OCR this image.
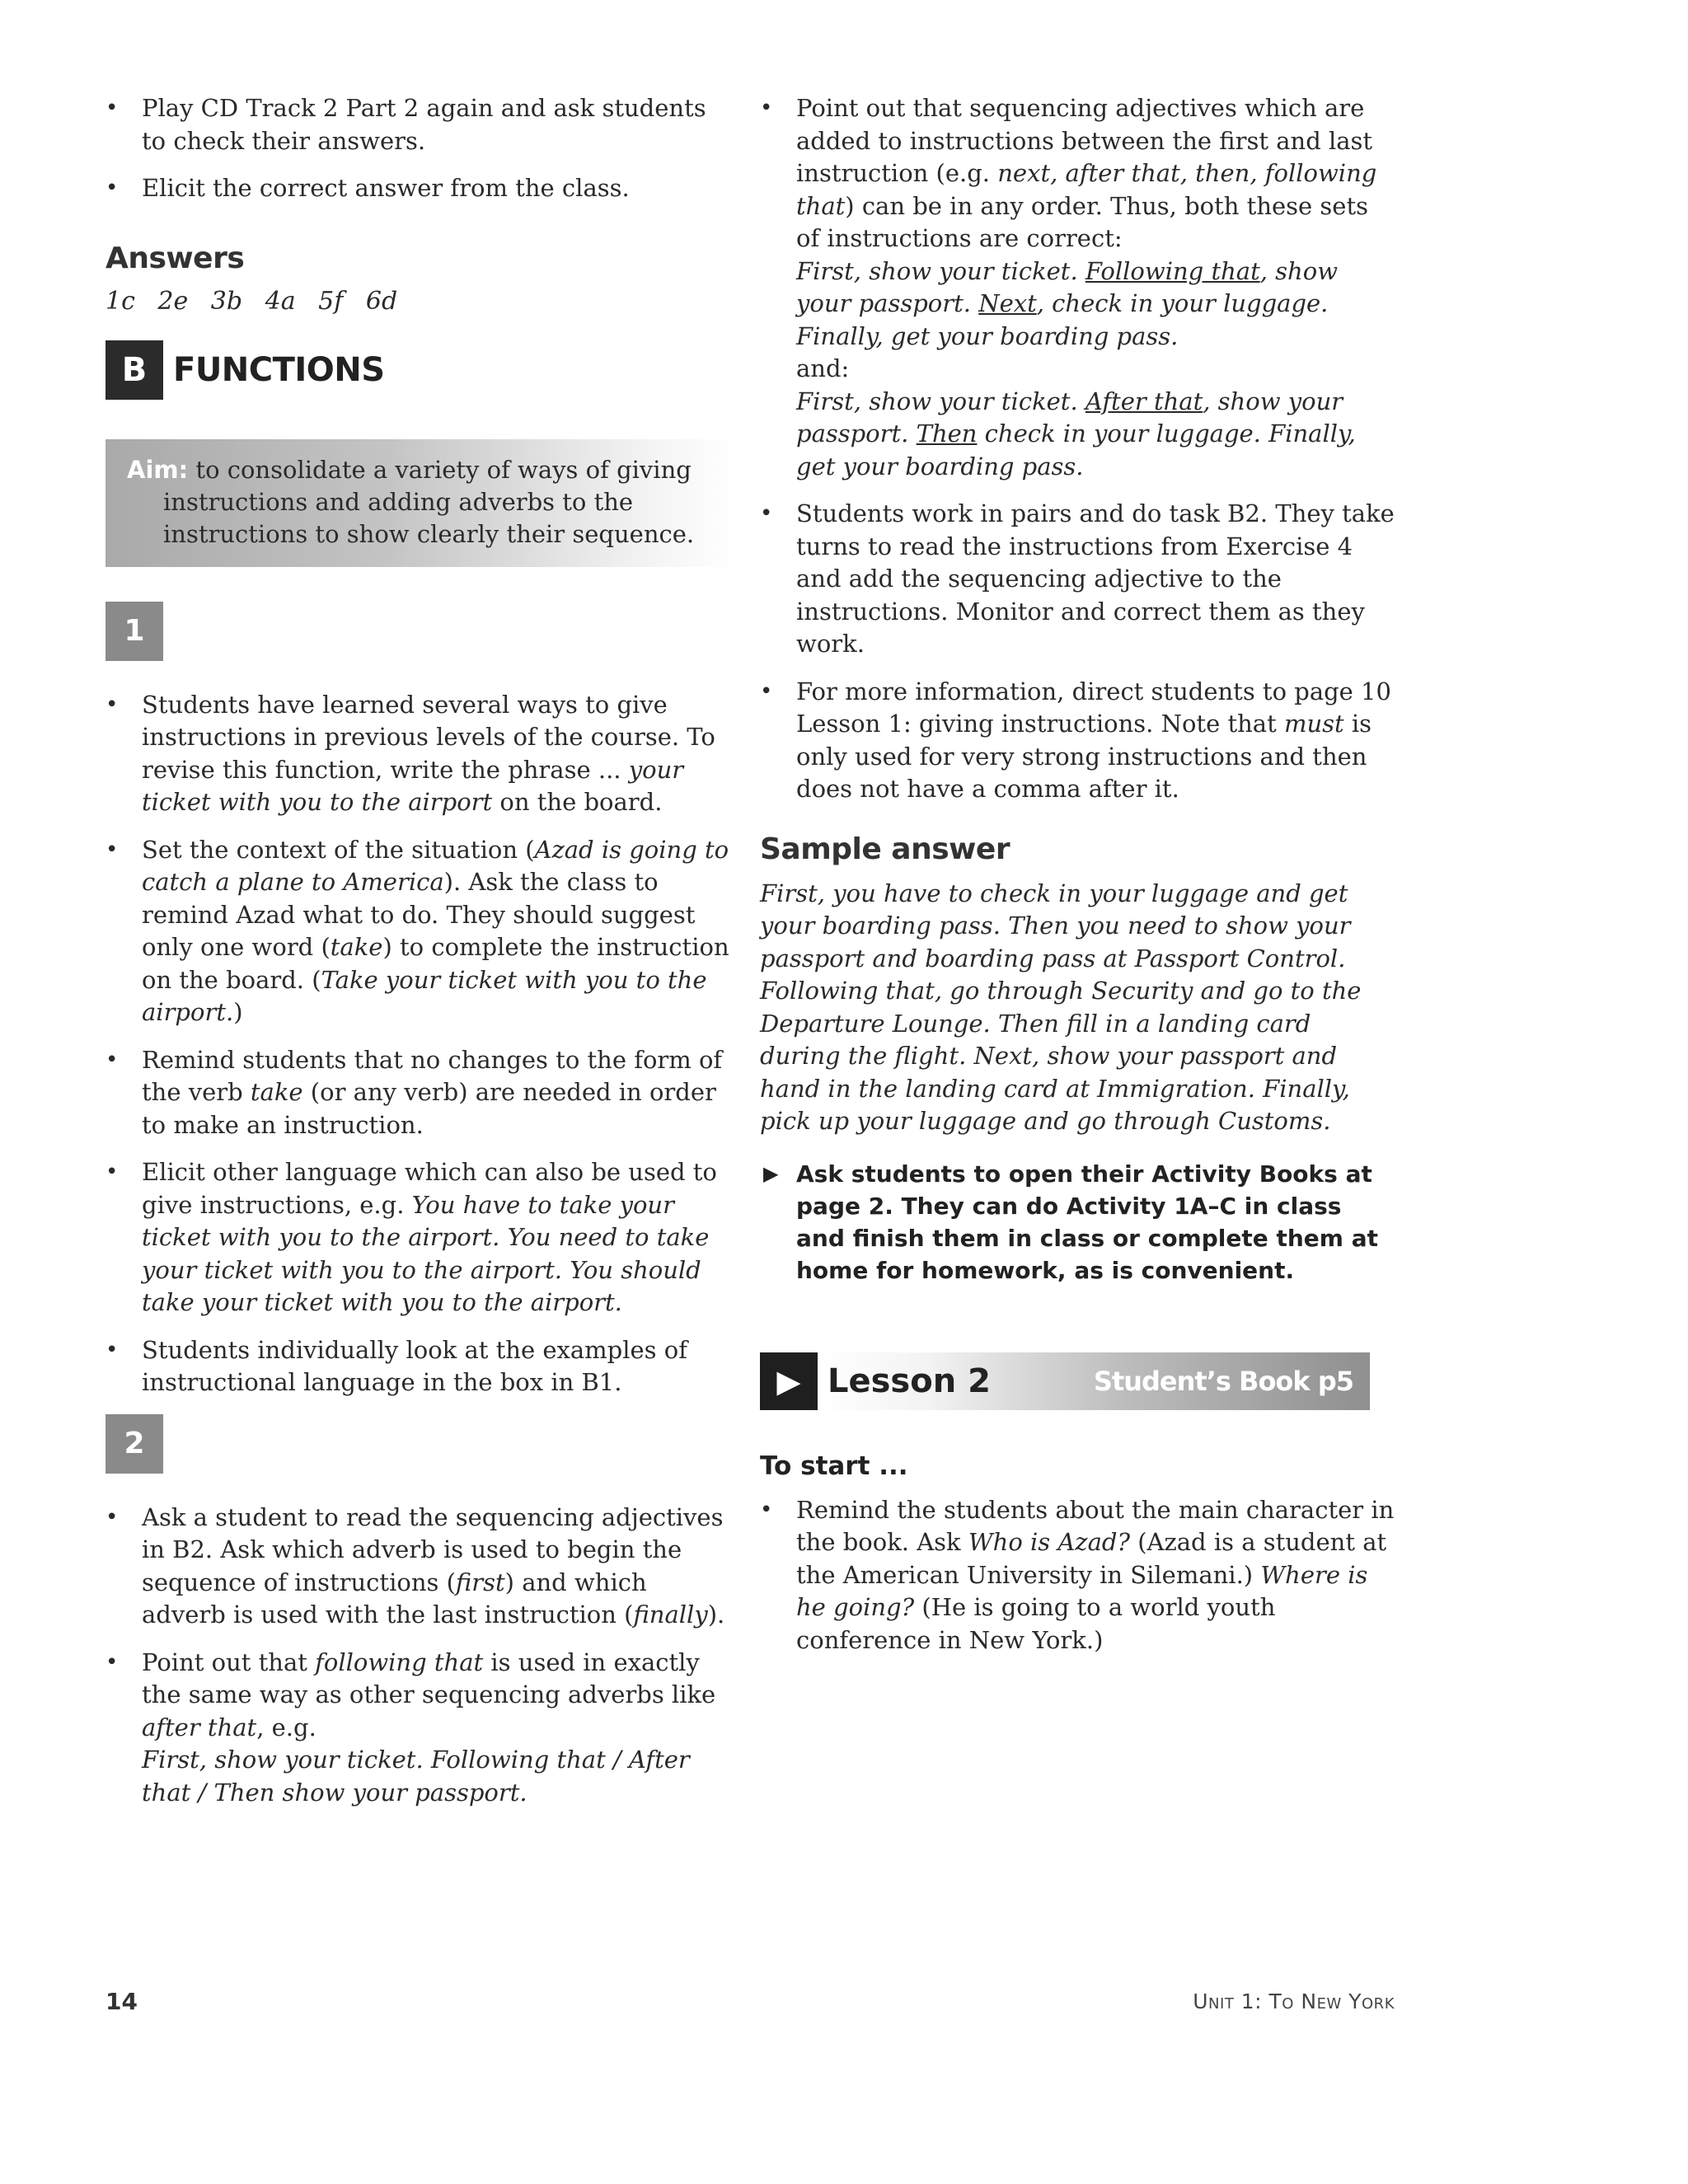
• Play CD Track 2 Part 2 again and ask students to check their answers.
• Elicit the correct answer from the class.
Answers
1c 2e 3b 4a 5f 6d
B FUNCTIONS
Aim: to consolidate a variety of ways of giving
instructions and adding adverbs to the instructions to show clearly their sequence.
1
• Students have learned several ways to give instructions in previous levels of the course. To revise this function, write the phrase ... your ticket with you to the airport on the board.
• Set the context of the situation (Azad is going to catch a plane to America). Ask the class to remind Azad what to do. They should suggest only one word (take) to complete the instruction on the board. (Take your ticket with you to the airport.)
• Remind students that no changes to the form of the verb take (or any verb) are needed in order to make an instruction.
• Elicit other language which can also be used to give instructions, e.g. You have to take your ticket with you to the airport. You need to take your ticket with you to the airport. You should take your ticket with you to the airport.
• Students individually look at the examples of instructional language in the box in B1.
2
• Ask a student to read the sequencing adjectives in B2. Ask which adverb is used to begin the sequence of instructions (first) and which adverb is used with the last instruction (finally).
• Point out that following that is used in exactly the same way as other sequencing adverbs like after that, e.g.
First, show your ticket. Following that / After that / Then show your passport.
• Point out that sequencing adjectives which are added to instructions between the first and last instruction (e.g. next, after that, then, following that) can be in any order. Thus, both these sets of instructions are correct:
First, show your ticket. Following that, show your passport. Next, check in your luggage. Finally, get your boarding pass.
and:
First, show your ticket. After that, show your passport. Then check in your luggage. Finally, get your boarding pass.
• Students work in pairs and do task B2. They take turns to read the instructions from Exercise 4 and add the sequencing adjective to the instructions. Monitor and correct them as they work.
• For more information, direct students to page 10 Lesson 1: giving instructions. Note that must is only used for very strong instructions and then does not have a comma after it.
Sample answer
First, you have to check in your luggage and get your boarding pass. Then you need to show your passport and boarding pass at Passport Control. Following that, go through Security and go to the Departure Lounge. Then fill in a landing card during the flight. Next, show your passport and hand in the landing card at Immigration. Finally, pick up your luggage and go through Customs.
▶ Ask students to open their Activity Books at page 2. They can do Activity 1A–C in class and finish them in class or complete them at home for homework, as is convenient.
▶ Lesson 2	Student’s Book p5
To start ...
• Remind the students about the main character in the book. Ask Who is Azad? (Azad is a student at the American University in Silemani.) Where is he going? (He is going to a world youth conference in New York.)
14	Unit 1: To New York
